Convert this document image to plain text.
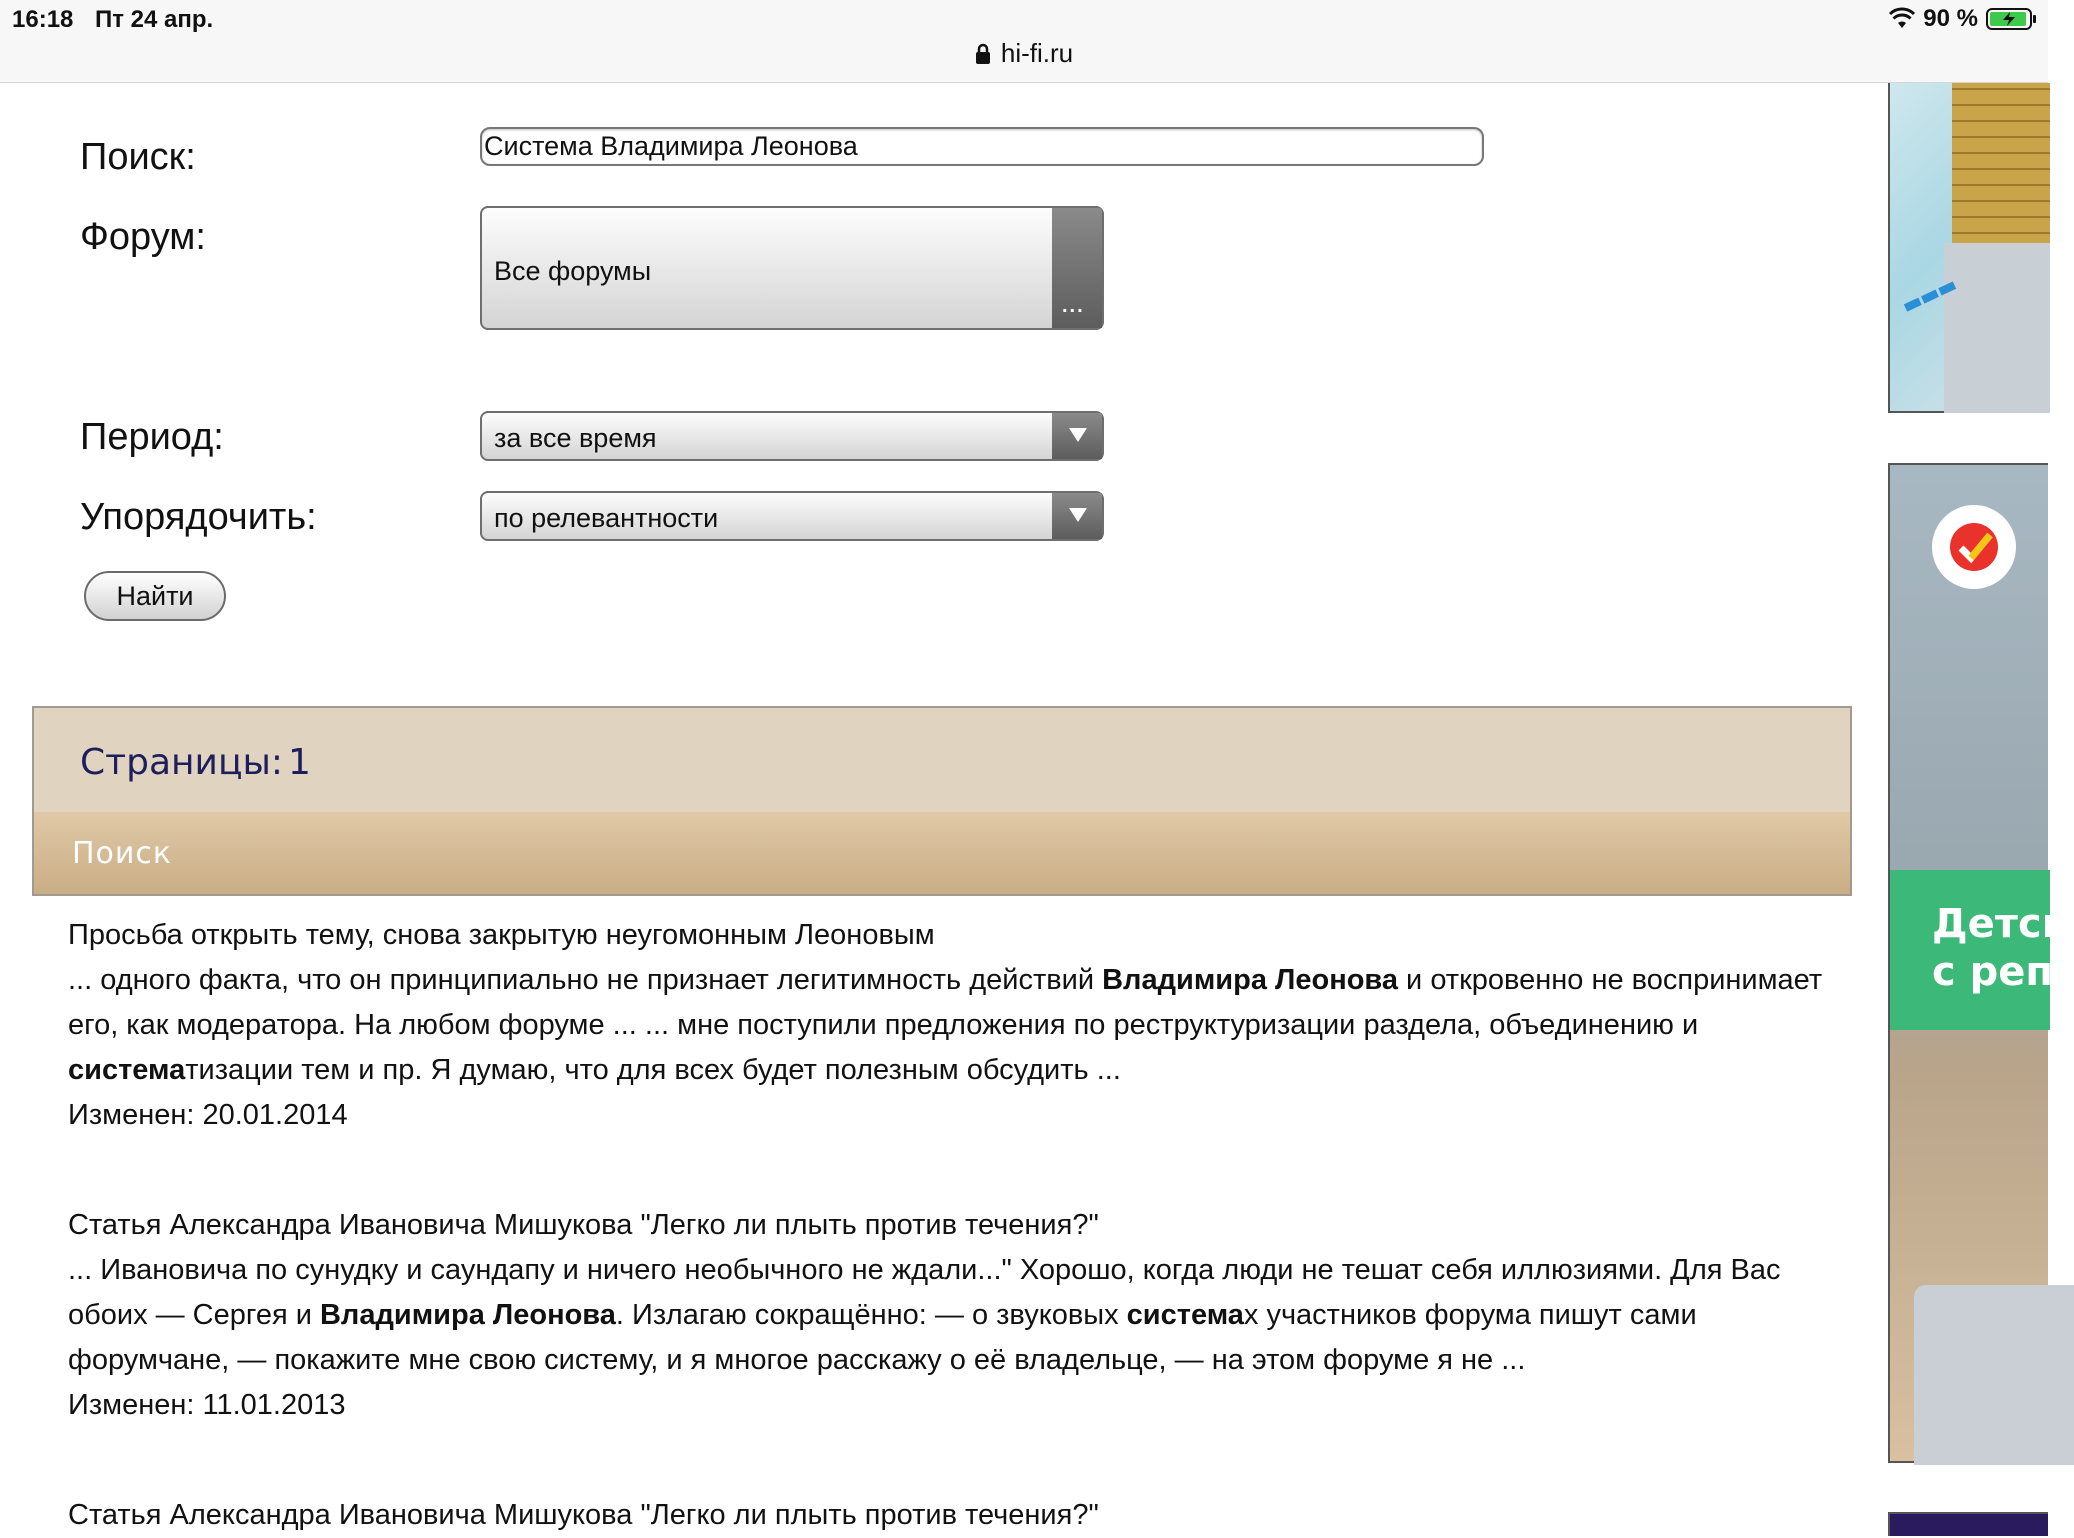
16:18 Пт 24 апр.	90 %
hi-fi.ru
Поиск:
Система Владимира Леонова
Форум:
Все форумы
...
Период:	за все время
Упорядочить:	по релевантности
Найти
Страницы: 1
Поиск

Просьба открыть тему, снова закрытую неугомонным Леоновым

... одного факта, что он принципиально не признает легитимность действий Владимира Леонова и откровенно не воспринимает его, как модератора. На любом форуме ... ... мне поступили предложения по реструктуризации раздела, объединению и систематизации тем и пр. Я думаю, что для всех будет полезным обсудить ...

Изменен: 20.01.2014

Статья Александра Ивановича Мишукова "Легко ли плыть против течения?"

... Ивановича по сунудку и саундапу и ничего необычного не ждали..." Хорошо, когда люди не тешат себя иллюзиями. Для Вас обоих — Сергея и Владимира Леонова. Излагаю сокращённо: — о звуковых системах участников форума пишут сами форумчане, — покажите мне свою систему, и я многое расскажу о её владельце, — на этом форуме я не ...

Изменен: 11.01.2013

Статья Александра Ивановича Мишукова "Легко ли плыть против течения?"

Детск
с реп
